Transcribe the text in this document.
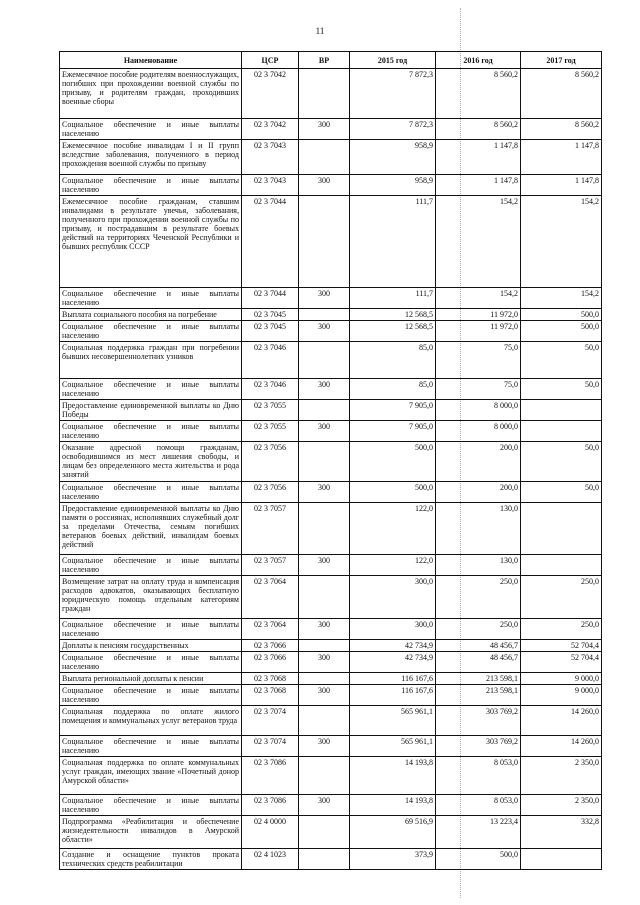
11
Наименование	ЦСР	ВР	2015 год	2016 год	2017 год
Ежемесячное пособие родителям военнослужащих, погибших при прохождении военной службы по призыву, и родителям граждан, проходивших военные сборы	02 3 7042		7 872,3	8 560,2	8 560,2
Социальное обеспечение и иные выплаты населению	02 3 7042	300	7 872,3	8 560,2	8 560,2
Ежемесячное пособие инвалидам I и II групп вследствие заболевания, полученного в период прохождения военной службы по призыву	02 3 7043		958,9	1 147,8	1 147,8
Социальное обеспечение и иные выплаты населению	02 3 7043	300	958,9	1 147,8	1 147,8
Ежемесячное пособие гражданам, ставшим инвалидами в результате увечья, заболевания, полученного при прохождении военной службы по призыву, и пострадавшим в результате боевых действий на территориях Чеченской Республики и бывших республик СССР	02 3 7044		111,7	154,2	154,2
Социальное обеспечение и иные выплаты населению	02 3 7044	300	111,7	154,2	154,2
Выплата социального пособия на погребение	02 3 7045		12 568,5	11 972,0	500,0
Социальное обеспечение и иные выплаты населению	02 3 7045	300	12 568,5	11 972,0	500,0
Социальная поддержка граждан при погребении бывших несовершеннолетних узников	02 3 7046		85,0	75,0	50,0
Социальное обеспечение и иные выплаты населению	02 3 7046	300	85,0	75,0	50,0
Предоставление единовременной выплаты ко Дню Победы	02 3 7055		7 905,0	8 000,0	
Социальное обеспечение и иные выплаты населению	02 3 7055	300	7 905,0	8 000,0	
Оказание адресной помощи гражданам, освободившимся из мест лишения свободы, и лицам без определенного места жительства и рода занятий	02 3 7056		500,0	200,0	50,0
Социальное обеспечение и иные выплаты населению	02 3 7056	300	500,0	200,0	50,0
Предоставление единовременной выплаты ко Дню памяти о россиянах, исполнявших служебный долг за пределами Отечества, семьям погибших ветеранов боевых действий, инвалидам боевых действий	02 3 7057		122,0	130,0	
Социальное обеспечение и иные выплаты населению	02 3 7057	300	122,0	130,0	
Возмещение затрат на оплату труда и компенсация расходов адвокатов, оказывающих бесплатную юридическую помощь отдельным категориям граждан	02 3 7064		300,0	250,0	250,0
Социальное обеспечение и иные выплаты населению	02 3 7064	300	300,0	250,0	250,0
Доплаты к пенсиям государственных	02 3 7066		42 734,9	48 456,7	52 704,4
Социальное обеспечение и иные выплаты населению	02 3 7066	300	42 734,9	48 456,7	52 704,4
Выплата региональной доплаты к пенсии	02 3 7068		116 167,6	213 598,1	9 000,0
Социальное обеспечение и иные выплаты населению	02 3 7068	300	116 167,6	213 598,1	9 000,0
Социальная поддержка по оплате жилого помещения и коммунальных услуг ветеранов труда	02 3 7074		565 961,1	303 769,2	14 260,0
Социальное обеспечение и иные выплаты населению	02 3 7074	300	565 961,1	303 769,2	14 260,0
Социальная поддержка по оплате коммунальных услуг граждан, имеющих звание «Почетный донор Амурской области»	02 3 7086		14 193,8	8 053,0	2 350,0
Социальное обеспечение и иные выплаты населению	02 3 7086	300	14 193,8	8 053,0	2 350,0
Подпрограмма «Реабилитация и обеспечение жизнедеятельности инвалидов в Амурской области»	02 4 0000		69 516,9	13 223,4	332,8
Создание и оснащение пунктов проката технических средств реабилитации	02 4 1023		373,9	500,0	
